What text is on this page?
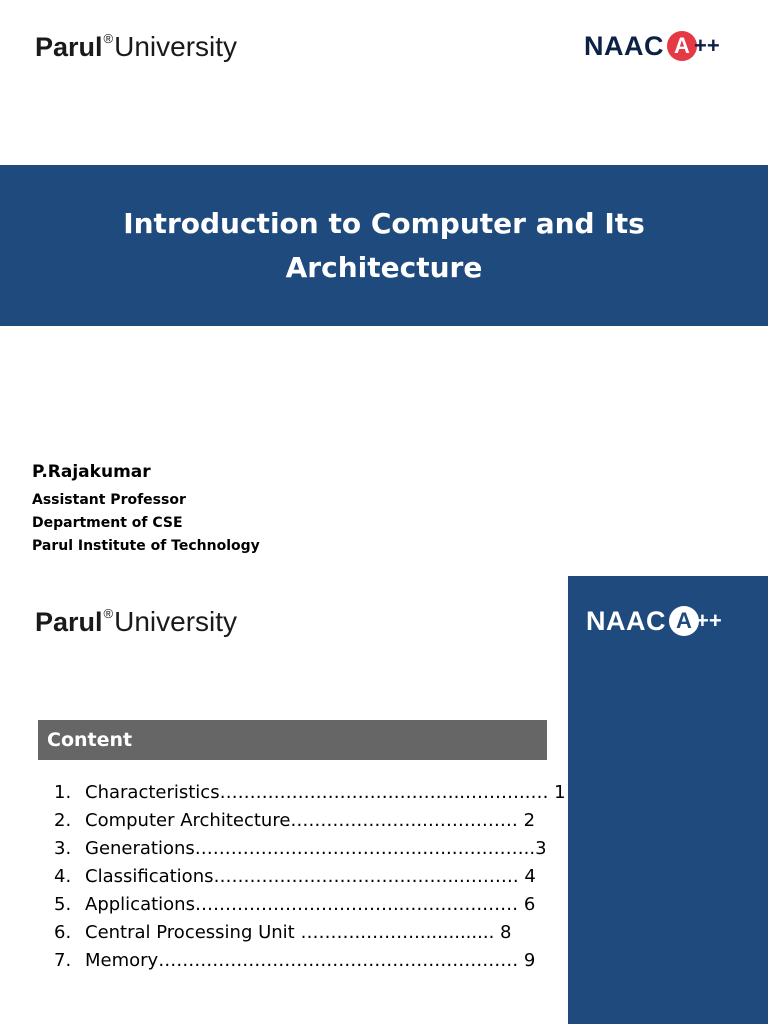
Parul®University	NAAC A ++
Introduction to Computer and Its
Architecture
P.Rajakumar
Assistant Professor
Department of CSE
Parul Institute of Technology
Parul®University	NAAC A ++
Content
1. Characteristics…………………………………..………..… 1
2. Computer Architecture…………………..…………… 2
3. Generations………………………………..…..…………..3
4. Classifications…………………………………..………. 4
5. Applications……………………………..………….…… 6
6. Central Processing Unit ……….……….............. 8
7. Memory…………………………………………………… 9
